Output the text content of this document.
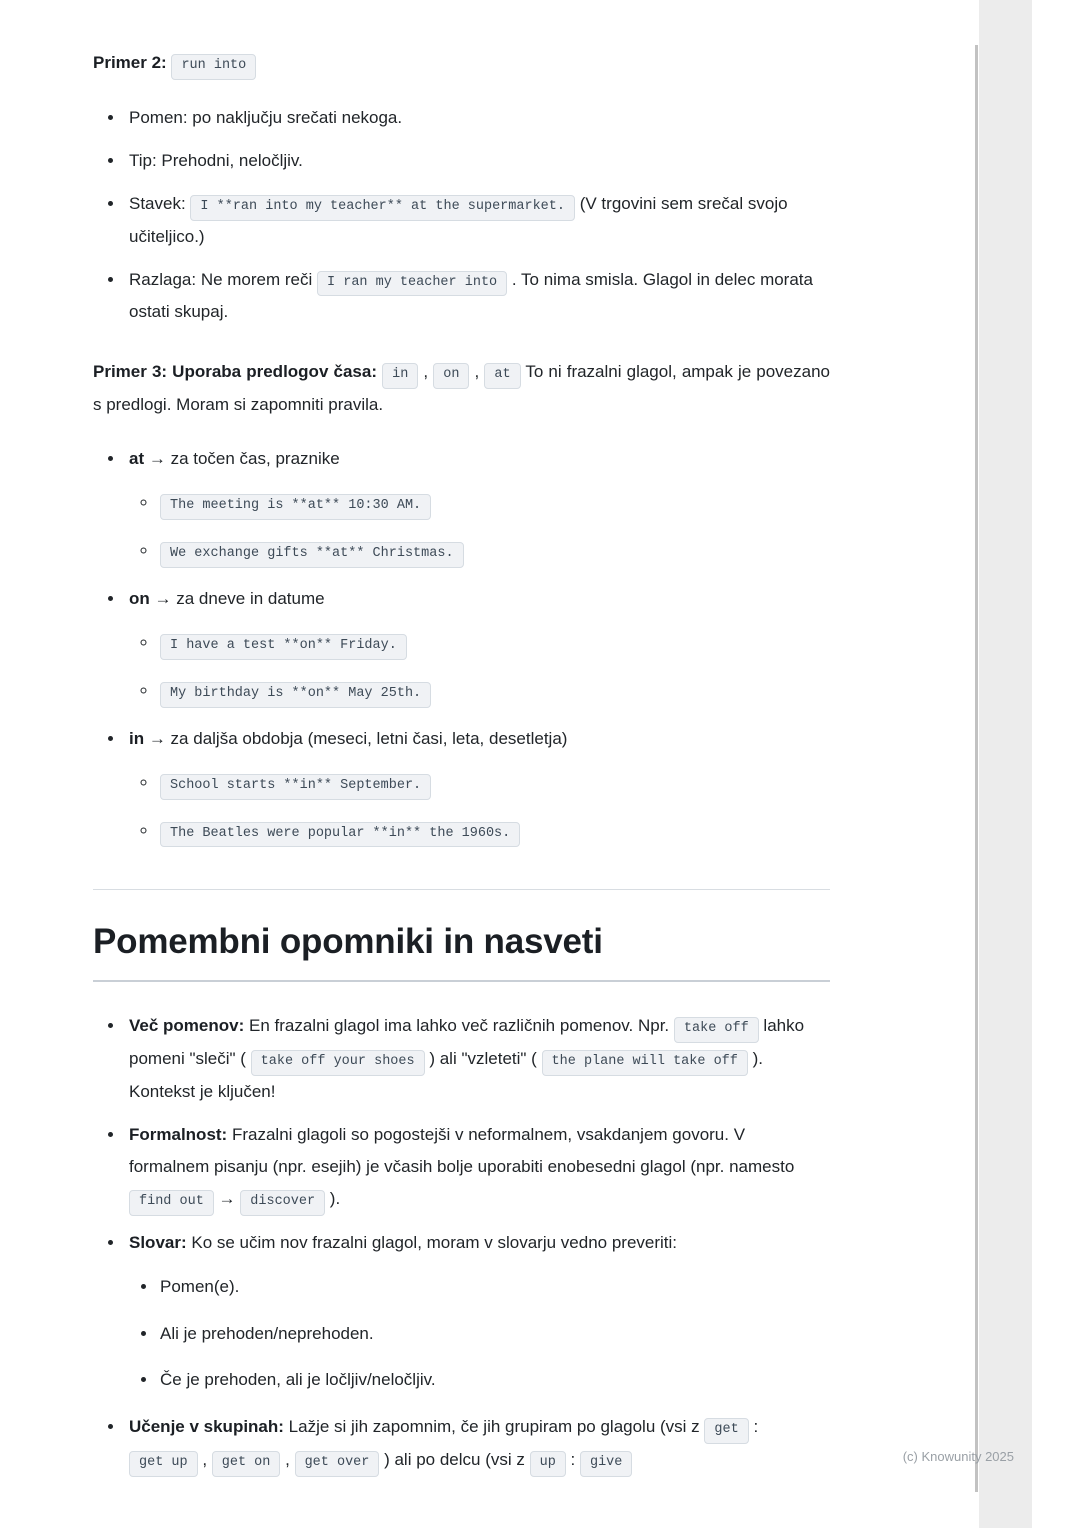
Primer 2: run into

• Pomen: po naključju srečati nekoga.
• Tip: Prehodni, neločljiv.
• Stavek: I **ran into my teacher** at the supermarket. (V trgovini sem srečal svojo učiteljico.)
• Razlaga: Ne morem reči I ran my teacher into . To nima smisla. Glagol in delec morata ostati skupaj.

Primer 3: Uporaba predlogov časa: in , on , at To ni frazalni glagol, ampak je povezano s predlogi. Moram si zapomniti pravila.

• at → za točen čas, praznike
◦ The meeting is **at** 10:30 AM.
◦ We exchange gifts **at** Christmas.
• on → za dneve in datume
◦ I have a test **on** Friday.
◦ My birthday is **on** May 25th.
• in → za daljša obdobja (meseci, letni časi, leta, desetletja)
◦ School starts **in** September.
◦ The Beatles were popular **in** the 1960s.
Pomembni opomniki in nasveti
• Več pomenov: En frazalni glagol ima lahko več različnih pomenov. Npr. take off lahko pomeni "sleči" ( take off your shoes ) ali "vzleteti" ( the plane will take off ). Kontekst je ključen!
• Formalnost: Frazalni glagoli so pogostejši v neformalnem, vsakdanjem govoru. V formalnem pisanju (npr. esejih) je včasih bolje uporabiti enobesedni glagol (npr. namesto find out → discover ).
• Slovar: Ko se učim nov frazalni glagol, moram v slovarju vedno preveriti:
• Pomen(e).
• Ali je prehoden/neprehoden.
• Če je prehoden, ali je ločljiv/neločljiv.
• Učenje v skupinah: Lažje si jih zapomnim, če jih grupiram po glagolu (vsi z get : get up , get on , get over ) ali po delcu (vsi z up : give	(c) Knowunity 2025
